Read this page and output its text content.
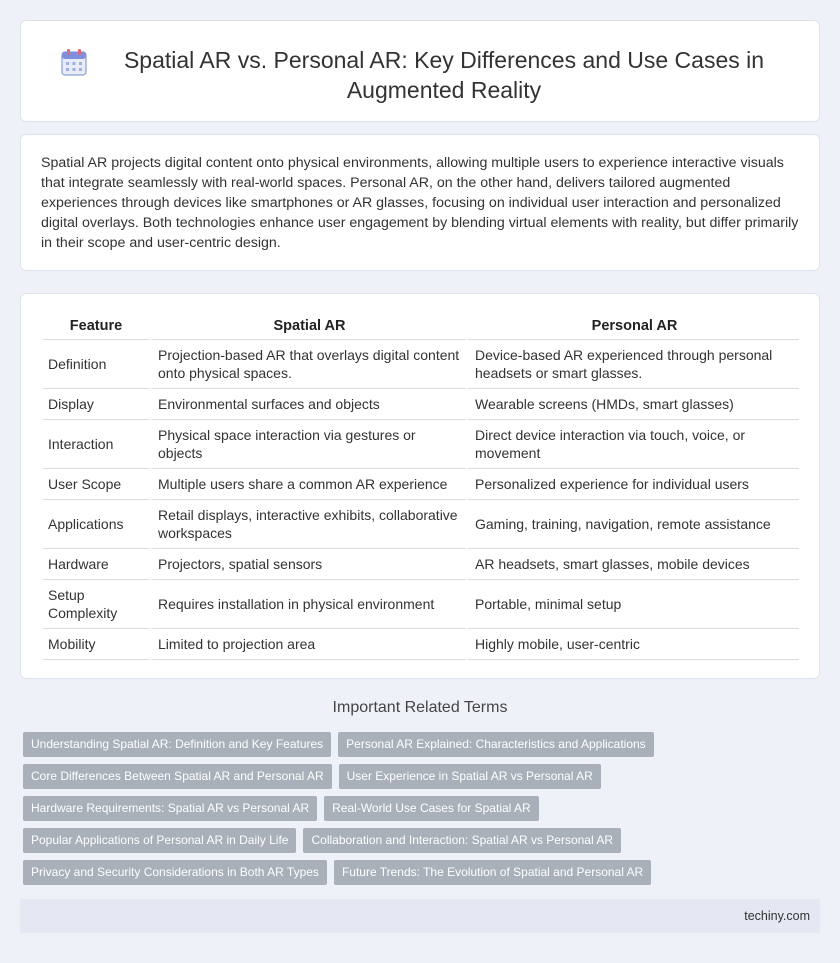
Spatial AR vs. Personal AR: Key Differences and Use Cases in Augmented Reality

Spatial AR projects digital content onto physical environments, allowing multiple users to experience interactive visuals that integrate seamlessly with real-world spaces. Personal AR, on the other hand, delivers tailored augmented experiences through devices like smartphones or AR glasses, focusing on individual user interaction and personalized digital overlays. Both technologies enhance user engagement by blending virtual elements with reality, but differ primarily in their scope and user-centric design.

Feature	Spatial AR	Personal AR
Definition	Projection-based AR that overlays digital content onto physical spaces.	Device-based AR experienced through personal headsets or smart glasses.
Display	Environmental surfaces and objects	Wearable screens (HMDs, smart glasses)
Interaction	Physical space interaction via gestures or objects	Direct device interaction via touch, voice, or movement
User Scope	Multiple users share a common AR experience	Personalized experience for individual users
Applications	Retail displays, interactive exhibits, collaborative workspaces	Gaming, training, navigation, remote assistance
Hardware	Projectors, spatial sensors	AR headsets, smart glasses, mobile devices
Setup Complexity	Requires installation in physical environment	Portable, minimal setup
Mobility	Limited to projection area	Highly mobile, user-centric
Important Related Terms
Understanding Spatial AR: Definition and Key Features	Personal AR Explained: Characteristics and Applications
Core Differences Between Spatial AR and Personal AR	User Experience in Spatial AR vs Personal AR
Hardware Requirements: Spatial AR vs Personal AR	Real-World Use Cases for Spatial AR
Popular Applications of Personal AR in Daily Life	Collaboration and Interaction: Spatial AR vs Personal AR
Privacy and Security Considerations in Both AR Types	Future Trends: The Evolution of Spatial and Personal AR
techiny.com
